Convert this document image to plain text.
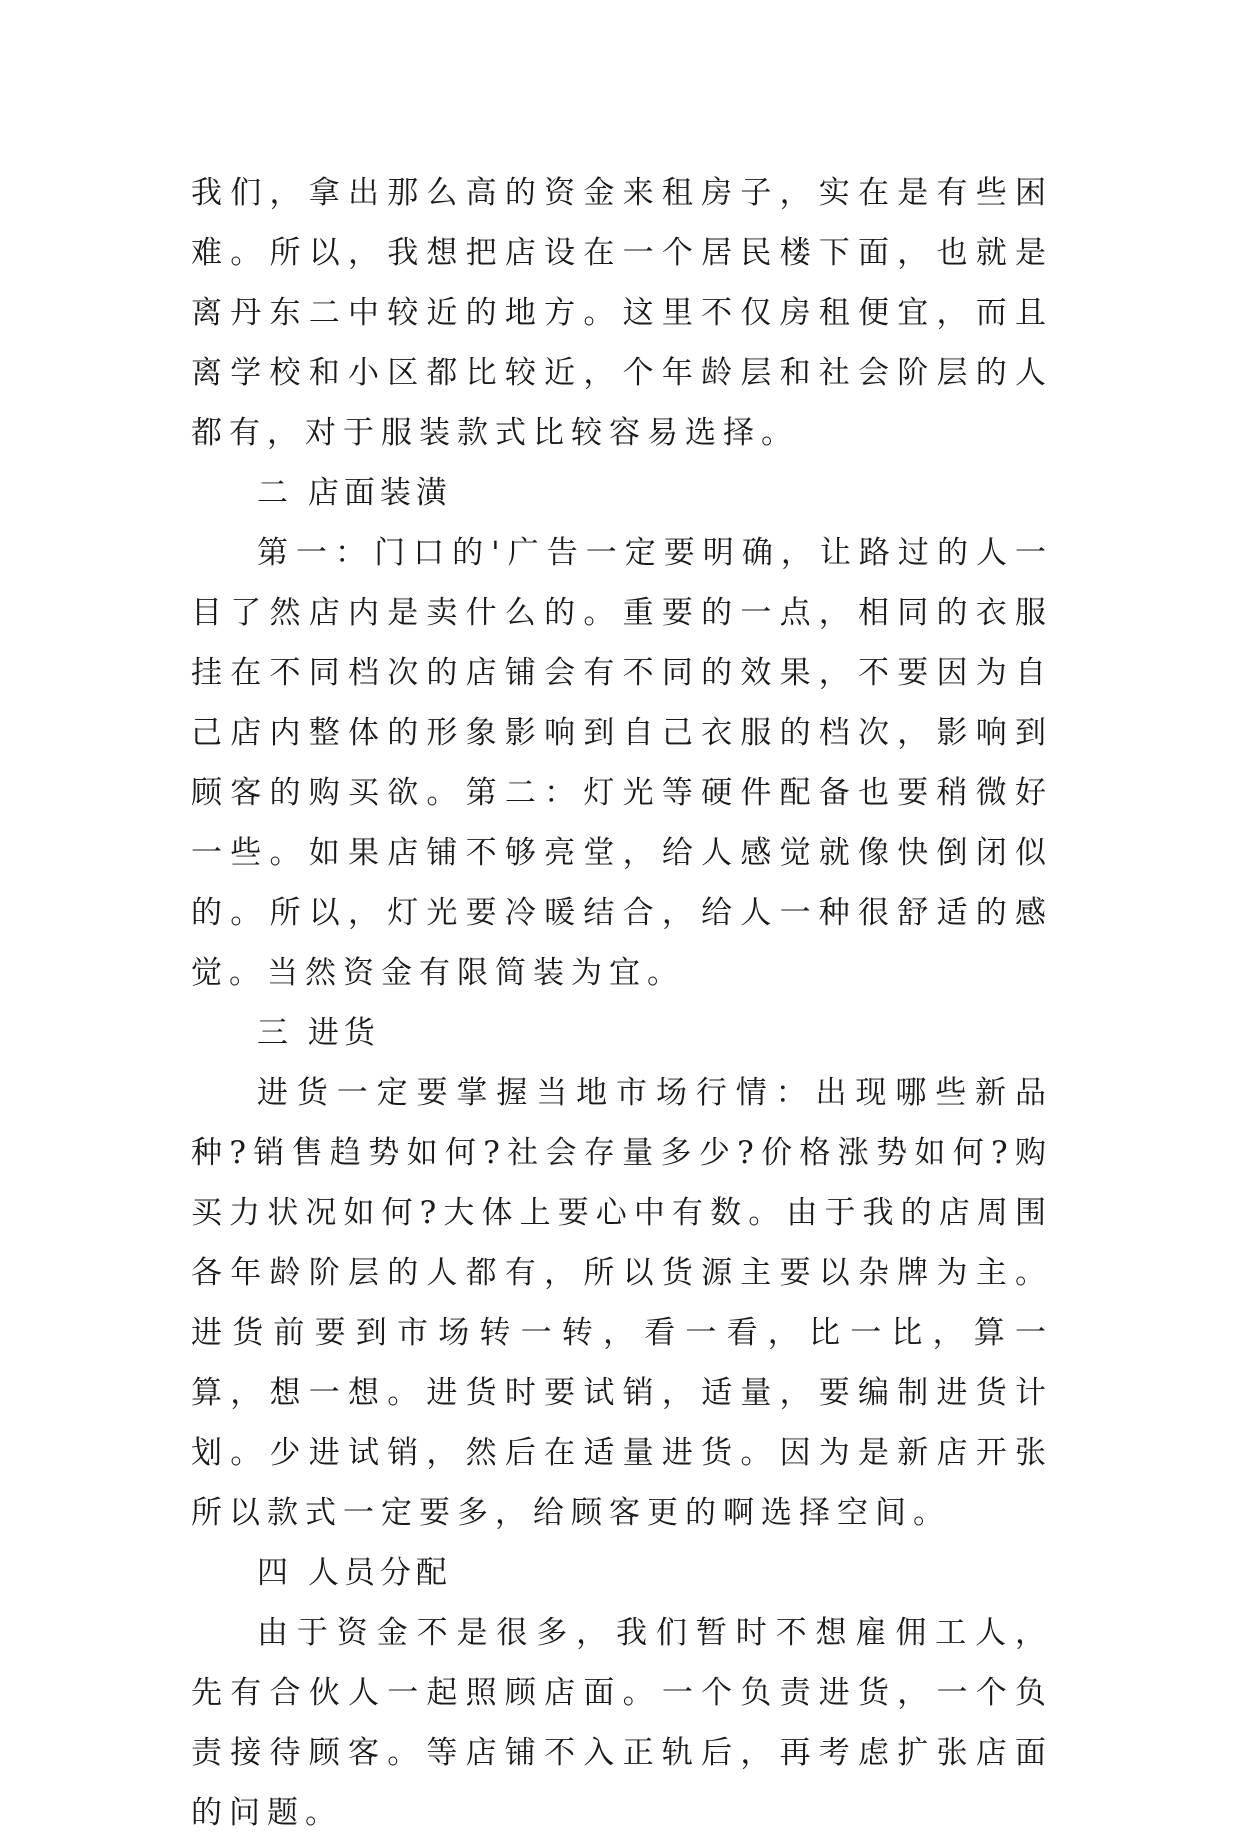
我们，拿出那么高的资金来租房子，实在是有些困难。所以，我想把店设在一个居民楼下面，也就是离丹东二中较近的地方。这里不仅房租便宜，而且离学校和小区都比较近，个年龄层和社会阶层的人都有，对于服装款式比较容易选择。

二 店面装潢

第一：门口的'广告一定要明确，让路过的人一目了然店内是卖什么的。重要的一点，相同的衣服挂在不同档次的店铺会有不同的效果，不要因为自己店内整体的形象影响到自己衣服的档次，影响到顾客的购买欲。第二：灯光等硬件配备也要稍微好一些。如果店铺不够亮堂，给人感觉就像快倒闭似的。所以，灯光要冷暖结合，给人一种很舒适的感觉。当然资金有限简装为宜。

三 进货

进货一定要掌握当地市场行情：出现哪些新品种?销售趋势如何?社会存量多少?价格涨势如何?购买力状况如何?大体上要心中有数。由于我的店周围各年龄阶层的人都有，所以货源主要以杂牌为主。进货前要到市场转一转，看一看，比一比，算一算，想一想。进货时要试销，适量，要编制进货计划。少进试销，然后在适量进货。因为是新店开张所以款式一定要多，给顾客更的啊选择空间。

四 人员分配

由于资金不是很多，我们暂时不想雇佣工人，先有合伙人一起照顾店面。一个负责进货，一个负责接待顾客。等店铺不入正轨后，再考虑扩张店面的问题。
